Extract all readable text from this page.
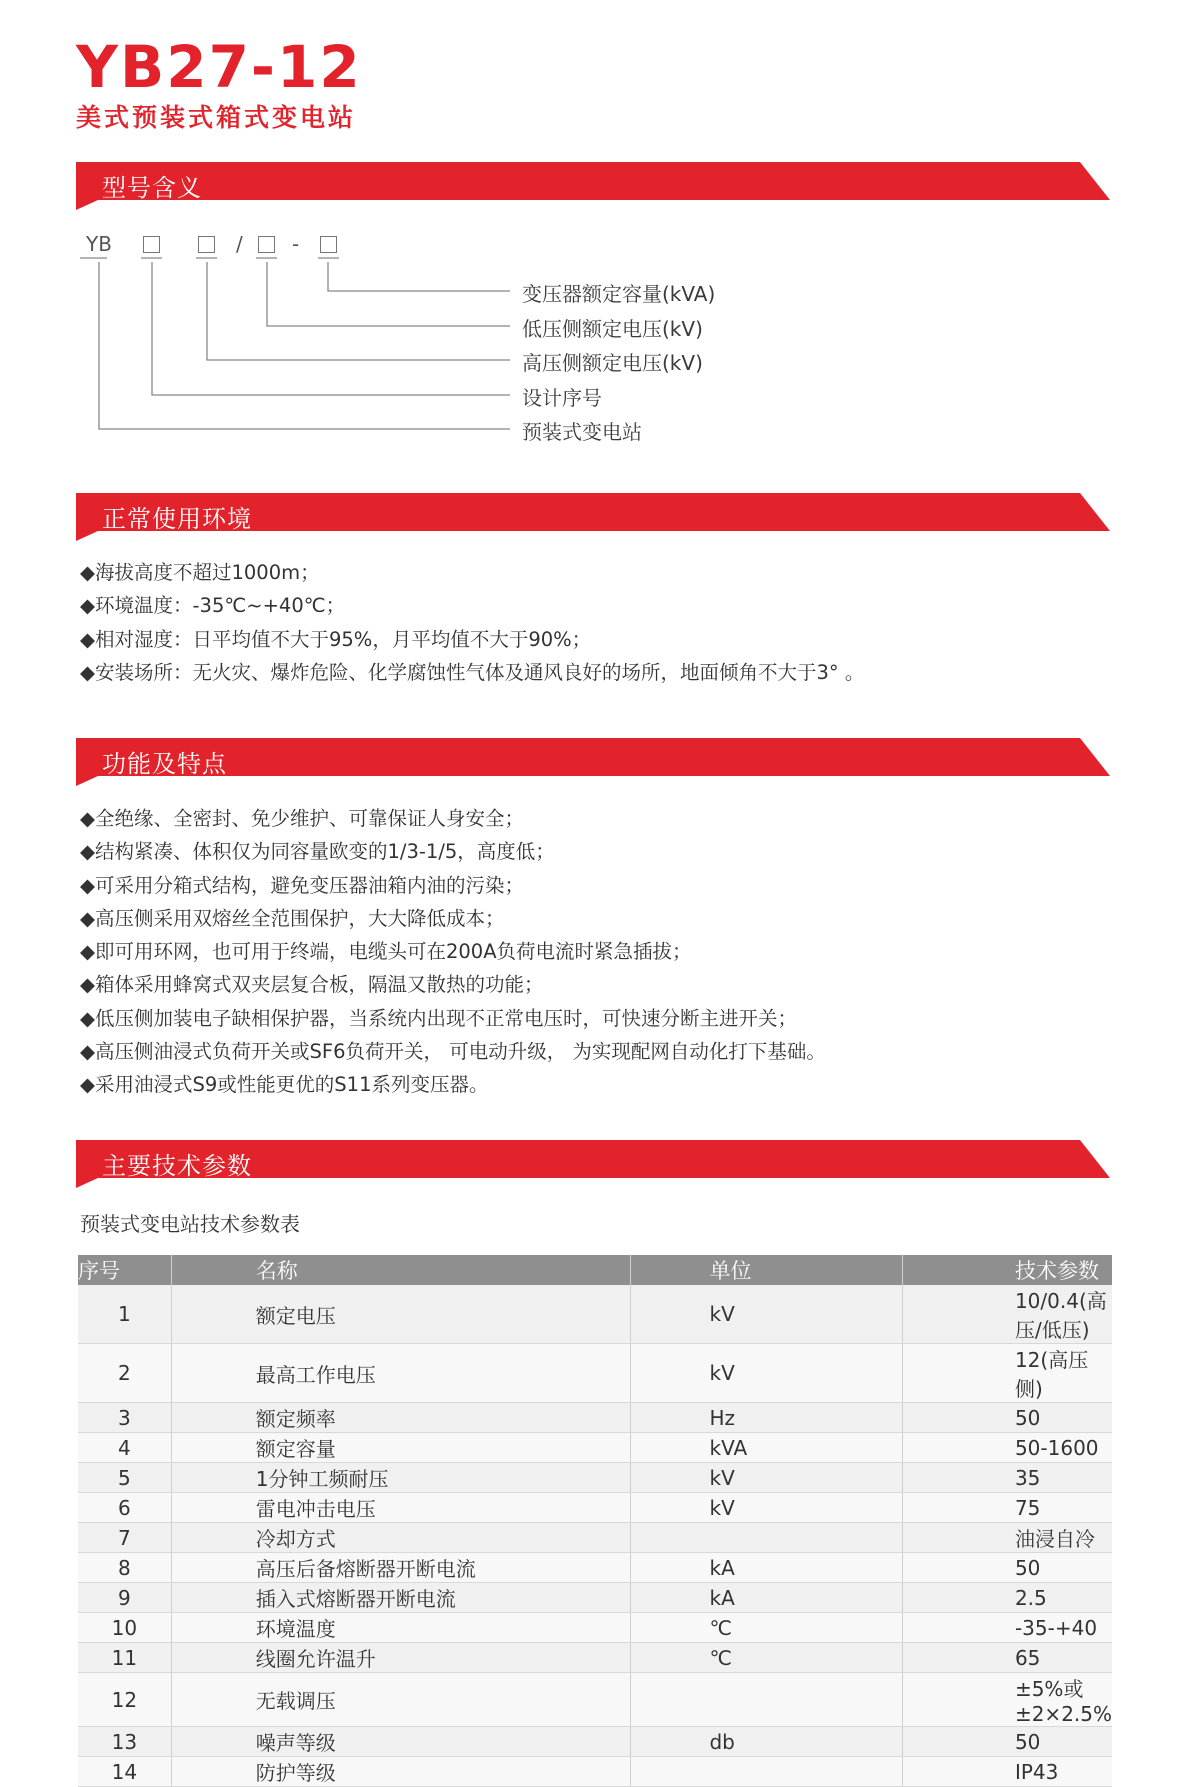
YB27-12
美式预装式箱式变电站
型号含义
YB	/ -
变压器额定容量(kVA)
低压侧额定电压(kV)
高压侧额定电压(kV)
设计序号
预装式变电站
正常使用环境
◆海拔高度不超过1000m；
◆环境温度：-35℃~+40℃；
◆相对湿度：日平均值不大于95%，月平均值不大于90%；
◆安装场所：无火灾、爆炸危险、化学腐蚀性气体及通风良好的场所，地面倾角不大于3° 。
功能及特点
◆全绝缘、全密封、免少维护、可靠保证人身安全；
◆结构紧凑、体积仅为同容量欧变的1/3-1/5，高度低；
◆可采用分箱式结构，避免变压器油箱内油的污染；
◆高压侧采用双熔丝全范围保护，大大降低成本；
◆即可用环网，也可用于终端，电缆头可在200A负荷电流时紧急插拔；
◆箱体采用蜂窝式双夹层复合板，隔温又散热的功能；
◆低压侧加装电子缺相保护器，当系统内出现不正常电压时，可快速分断主进开关；
◆高压侧油浸式负荷开关或SF6负荷开关， 可电动升级， 为实现配网自动化打下基础。
◆采用油浸式S9或性能更优的S11系列变压器。
主要技术参数
预装式变电站技术参数表
序号	名称	单位	技术参数
1	额定电压	kV	10/0.4(高压/低压)
2	最高工作电压	kV	12(高压侧)
3	额定频率	Hz	50
4	额定容量	kVA	50-1600
5	1分钟工频耐压	kV	35
6	雷电冲击电压	kV	75
7	冷却方式		油浸自冷
8	高压后备熔断器开断电流	kA	50
9	插入式熔断器开断电流	kA	2.5
10	环境温度	℃	-35-+40
11	线圈允许温升	℃	65
12	无载调压		±5%或±2×2.5%
13	噪声等级	db	50
14	防护等级		IP43
